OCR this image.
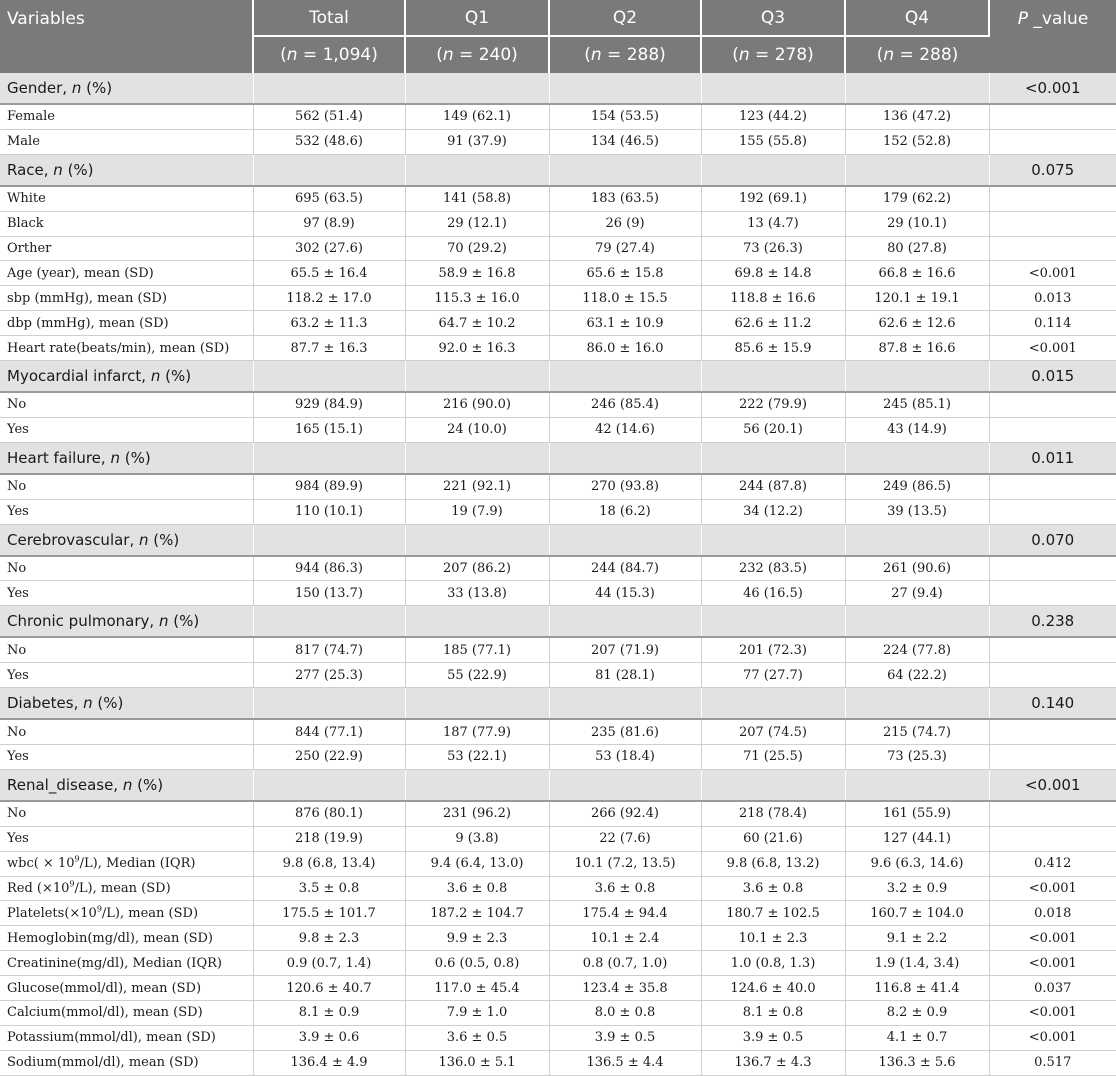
Variables	Total	Q1	Q2	Q3	Q4	P _value
	(n = 1,094)	(n = 240)	(n = 288)	(n = 278)	(n = 288)	
Gender, n (%)						<0.001
Female	562 (51.4)	149 (62.1)	154 (53.5)	123 (44.2)	136 (47.2)	
Male	532 (48.6)	91 (37.9)	134 (46.5)	155 (55.8)	152 (52.8)	
Race, n (%)						0.075
White	695 (63.5)	141 (58.8)	183 (63.5)	192 (69.1)	179 (62.2)	
Black	97 (8.9)	29 (12.1)	26 (9)	13 (4.7)	29 (10.1)	
Orther	302 (27.6)	70 (29.2)	79 (27.4)	73 (26.3)	80 (27.8)	
Age (year), mean (SD)	65.5 ± 16.4	58.9 ± 16.8	65.6 ± 15.8	69.8 ± 14.8	66.8 ± 16.6	<0.001
sbp (mmHg), mean (SD)	118.2 ± 17.0	115.3 ± 16.0	118.0 ± 15.5	118.8 ± 16.6	120.1 ± 19.1	0.013
dbp (mmHg), mean (SD)	63.2 ± 11.3	64.7 ± 10.2	63.1 ± 10.9	62.6 ± 11.2	62.6 ± 12.6	0.114
Heart rate(beats/min), mean (SD)	87.7 ± 16.3	92.0 ± 16.3	86.0 ± 16.0	85.6 ± 15.9	87.8 ± 16.6	<0.001
Myocardial infarct, n (%)						0.015
No	929 (84.9)	216 (90.0)	246 (85.4)	222 (79.9)	245 (85.1)	
Yes	165 (15.1)	24 (10.0)	42 (14.6)	56 (20.1)	43 (14.9)	
Heart failure, n (%)						0.011
No	984 (89.9)	221 (92.1)	270 (93.8)	244 (87.8)	249 (86.5)	
Yes	110 (10.1)	19 (7.9)	18 (6.2)	34 (12.2)	39 (13.5)	
Cerebrovascular, n (%)						0.070
No	944 (86.3)	207 (86.2)	244 (84.7)	232 (83.5)	261 (90.6)	
Yes	150 (13.7)	33 (13.8)	44 (15.3)	46 (16.5)	27 (9.4)	
Chronic pulmonary, n (%)						0.238
No	817 (74.7)	185 (77.1)	207 (71.9)	201 (72.3)	224 (77.8)	
Yes	277 (25.3)	55 (22.9)	81 (28.1)	77 (27.7)	64 (22.2)	
Diabetes, n (%)						0.140
No	844 (77.1)	187 (77.9)	235 (81.6)	207 (74.5)	215 (74.7)	
Yes	250 (22.9)	53 (22.1)	53 (18.4)	71 (25.5)	73 (25.3)	
Renal_disease, n (%)						<0.001
No	876 (80.1)	231 (96.2)	266 (92.4)	218 (78.4)	161 (55.9)	
Yes	218 (19.9)	9 (3.8)	22 (7.6)	60 (21.6)	127 (44.1)	
$wbc( \times 10^9/L)$, Median (IQR)	9.8 (6.8, 13.4)	9.4 (6.4, 13.0)	10.1 (7.2, 13.5)	9.8 (6.8, 13.2)	9.6 (6.3, 14.6)	0.412
Red $(\times 10^9/L)$, mean (SD)	3.5 ± 0.8	3.6 ± 0.8	3.6 ± 0.8	3.6 ± 0.8	3.2 ± 0.9	<0.001
$Platelets(\times 10^9/L)$, mean (SD)	175.5 ± 101.7	187.2 ± 104.7	175.4 ± 94.4	180.7 ± 102.5	160.7 ± 104.0	0.018
Hemoglobin(mg/dl), mean (SD)	9.8 ± 2.3	9.9 ± 2.3	10.1 ± 2.4	10.1 ± 2.3	9.1 ± 2.2	<0.001
Creatinine(mg/dl), Median (IQR)	0.9 (0.7, 1.4)	0.6 (0.5, 0.8)	0.8 (0.7, 1.0)	1.0 (0.8, 1.3)	1.9 (1.4, 3.4)	<0.001
Glucose(mmol/dl), mean (SD)	120.6 ± 40.7	117.0 ± 45.4	123.4 ± 35.8	124.6 ± 40.0	116.8 ± 41.4	0.037
Calcium(mmol/dl), mean (SD)	8.1 ± 0.9	7.9 ± 1.0	8.0 ± 0.8	8.1 ± 0.8	8.2 ± 0.9	<0.001
Potassium(mmol/dl), mean (SD)	3.9 ± 0.6	3.6 ± 0.5	3.9 ± 0.5	3.9 ± 0.5	4.1 ± 0.7	<0.001
Sodium(mmol/dl), mean (SD)	136.4 ± 4.9	136.0 ± 5.1	136.5 ± 4.4	136.7 ± 4.3	136.3 ± 5.6	0.517
